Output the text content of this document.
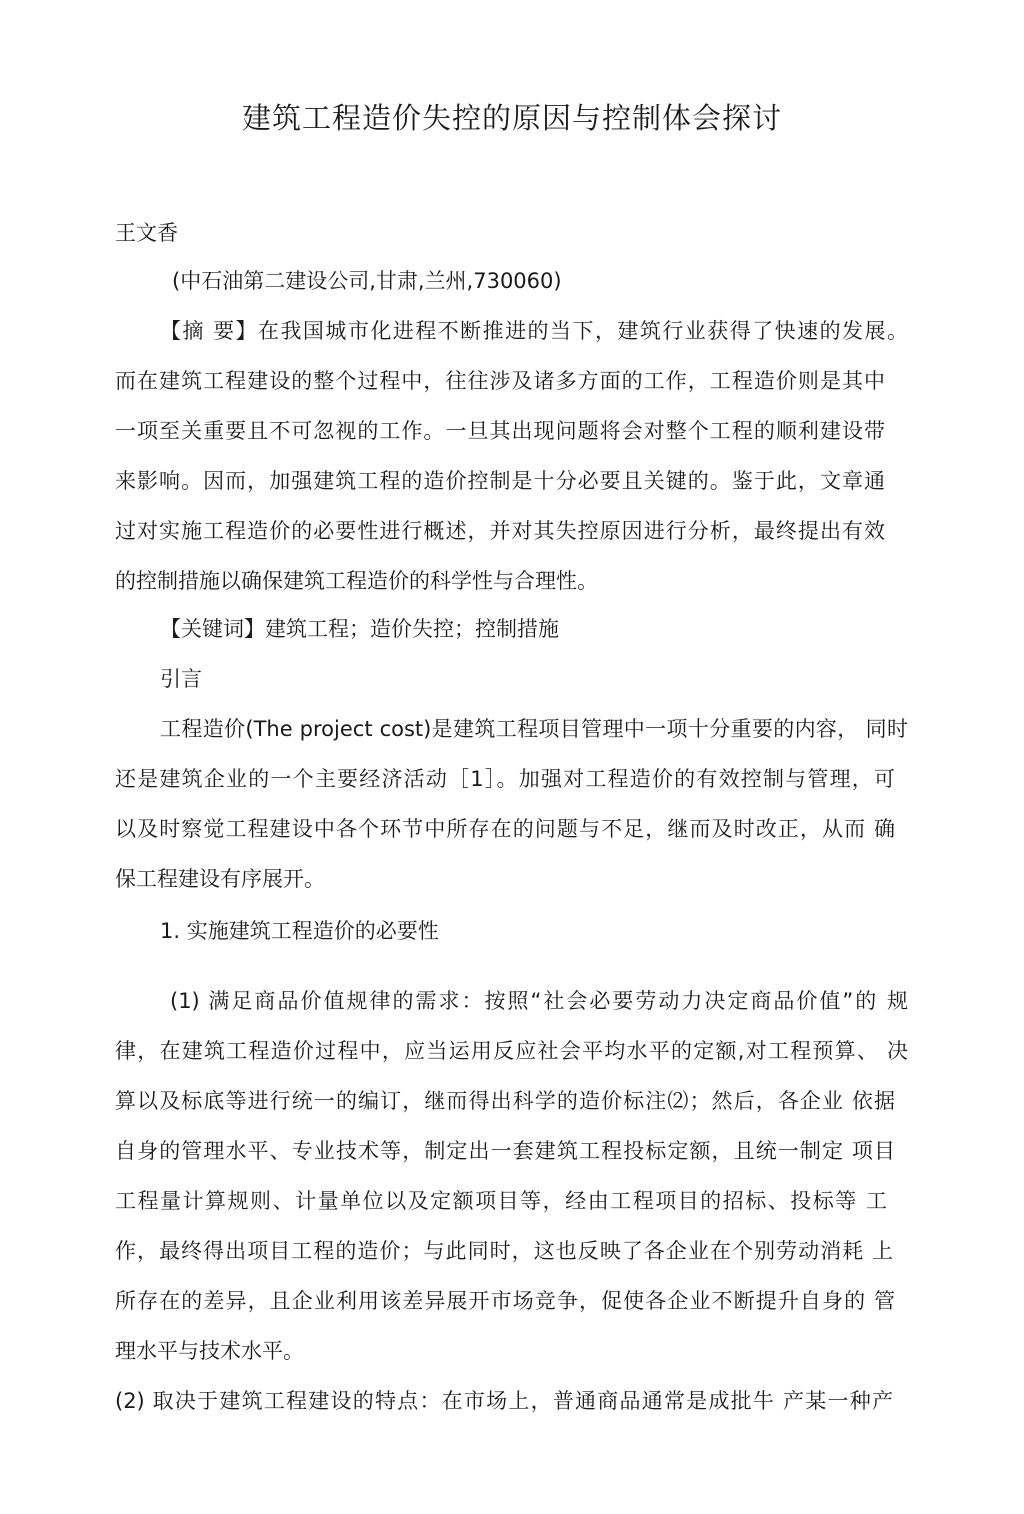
建筑工程造价失控的原因与控制体会探讨
王文香
(中石油第二建设公司,甘肃,兰州,730060)
【摘 要】在我国城市化进程不断推进的当下，建筑行业获得了快速的发展。
而在建筑工程建设的整个过程中，往往涉及诸多方面的工作，工程造价则是其中
一项至关重要且不可忽视的工作。一旦其出现问题将会对整个工程的顺利建设带
来影响。因而，加强建筑工程的造价控制是十分必要且关键的。鉴于此，文章通
过对实施工程造价的必要性进行概述，并对其失控原因进行分析，最终提出有效
的控制措施以确保建筑工程造价的科学性与合理性。
【关键词】建筑工程；造价失控；控制措施
引言
工程造价(The project cost)是建筑工程项目管理中一项十分重要的内容， 同时
还是建筑企业的一个主要经济活动［1］。加强对工程造价的有效控制与管理，可
以及时察觉工程建设中各个环节中所存在的问题与不足，继而及时改正，从而 确
保工程建设有序展开。
1. 实施建筑工程造价的必要性
(1) 满足商品价值规律的需求：按照“社会必要劳动力决定商品价值”的 规
律，在建筑工程造价过程中，应当运用反应社会平均水平的定额,对工程预算、 决
算以及标底等进行统一的编订，继而得出科学的造价标注⑵；然后，各企业 依据
自身的管理水平、专业技术等，制定出一套建筑工程投标定额，且统一制定 项目
工程量计算规则、计量单位以及定额项目等，经由工程项目的招标、投标等 工
作，最终得出项目工程的造价；与此同时，这也反映了各企业在个别劳动消耗 上
所存在的差异，且企业利用该差异展开市场竞争，促使各企业不断提升自身的 管
理水平与技术水平。
(2) 取决于建筑工程建设的特点：在市场上，普通商品通常是成批牛 产某一种产
